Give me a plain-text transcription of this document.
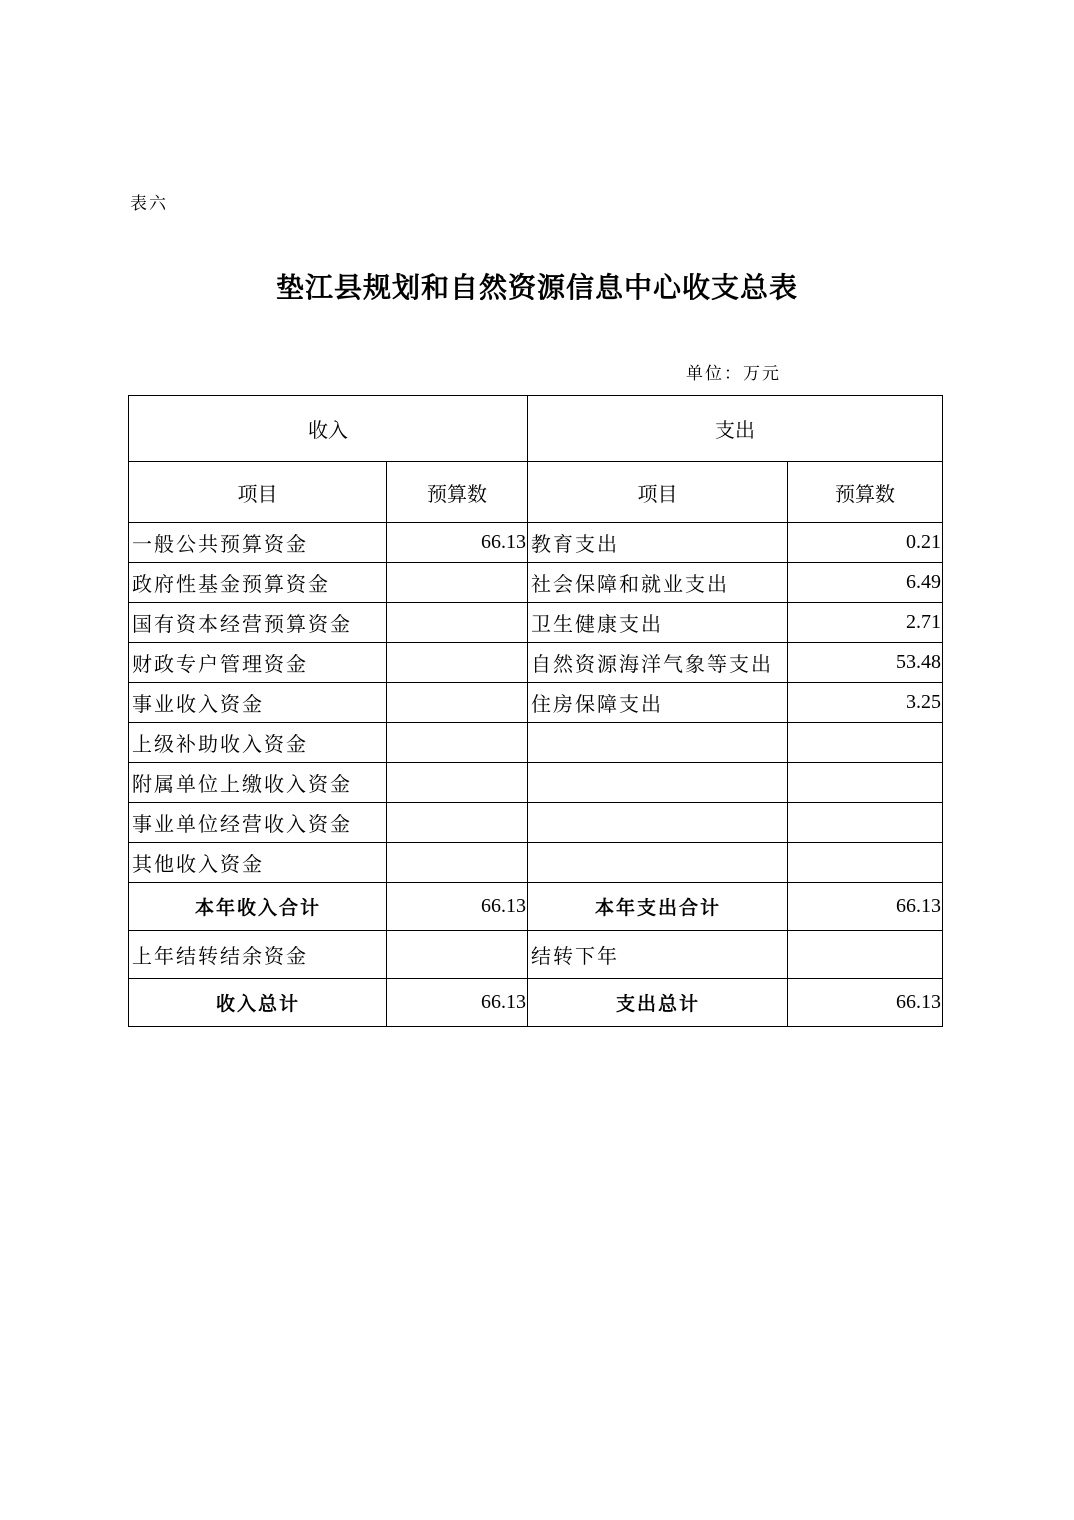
表六
垫江县规划和自然资源信息中心收支总表
单位：万元
收入		支出	
项目	预算数	项目	预算数
一般公共预算资金	66.13	教育支出	0.21
政府性基金预算资金		社会保障和就业支出	6.49
国有资本经营预算资金		卫生健康支出	2.71
财政专户管理资金		自然资源海洋气象等支出	53.48
事业收入资金		住房保障支出	3.25
上级补助收入资金			
附属单位上缴收入资金			
事业单位经营收入资金			
其他收入资金			
本年收入合计	66.13	本年支出合计	66.13
上年结转结余资金		结转下年	
收入总计	66.13	支出总计	66.13
